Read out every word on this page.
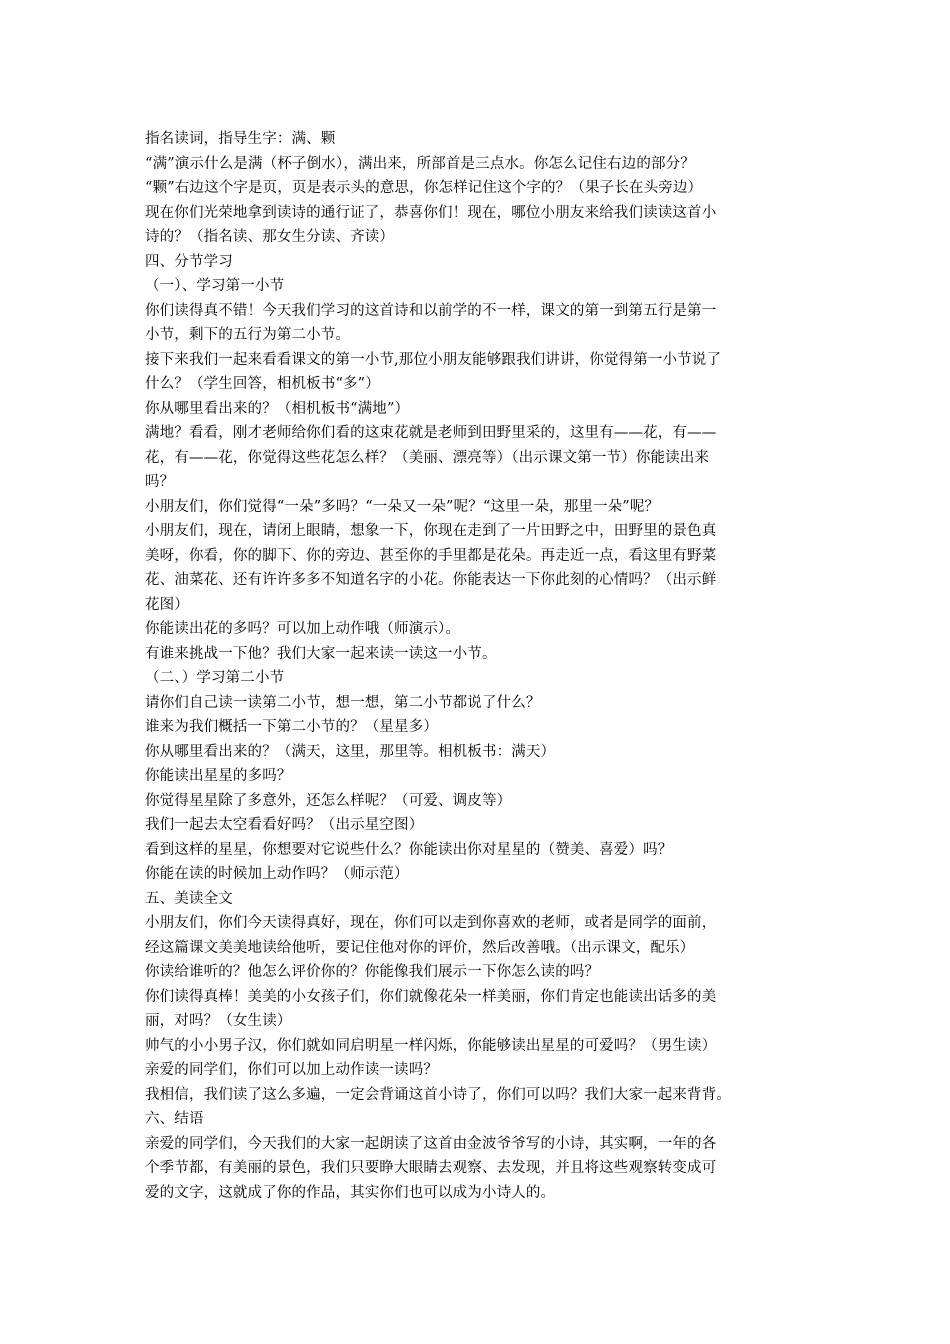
指名读词，指导生字：满、颗
“满”演示什么是满（杯子倒水），满出来，所部首是三点水。你怎么记住右边的部分？
“颗”右边这个字是页，页是表示头的意思，你怎样记住这个字的？（果子长在头旁边）
现在你们光荣地拿到读诗的通行证了，恭喜你们！现在，哪位小朋友来给我们读读这首小
诗的？（指名读、那女生分读、齐读）
四、分节学习
（一）、学习第一小节
你们读得真不错！今天我们学习的这首诗和以前学的不一样，课文的第一到第五行是第一
小节，剩下的五行为第二小节。
接下来我们一起来看看课文的第一小节,那位小朋友能够跟我们讲讲，你觉得第一小节说了
什么？（学生回答，相机板书“多”）
你从哪里看出来的？（相机板书“满地”）
满地？看看，刚才老师给你们看的这束花就是老师到田野里采的，这里有——花，有——
花，有——花，你觉得这些花怎么样？（美丽、漂亮等）（出示课文第一节）你能读出来
吗？
小朋友们，你们觉得“一朵”多吗？“一朵又一朵”呢？“这里一朵，那里一朵”呢？
小朋友们，现在，请闭上眼睛，想象一下，你现在走到了一片田野之中，田野里的景色真
美呀，你看，你的脚下、你的旁边、甚至你的手里都是花朵。再走近一点，看这里有野菜
花、油菜花、还有许许多多不知道名字的小花。你能表达一下你此刻的心情吗？（出示鲜
花图）
你能读出花的多吗？可以加上动作哦（师演示）。
有谁来挑战一下他？我们大家一起来读一读这一小节。
（二、）学习第二小节
请你们自己读一读第二小节，想一想，第二小节都说了什么？
谁来为我们概括一下第二小节的？（星星多）
你从哪里看出来的？（满天，这里，那里等。相机板书：满天）
你能读出星星的多吗？
你觉得星星除了多意外，还怎么样呢？（可爱、调皮等）
我们一起去太空看看好吗？（出示星空图）
看到这样的星星，你想要对它说些什么？你能读出你对星星的（赞美、喜爱）吗？
你能在读的时候加上动作吗？（师示范）
五、美读全文
小朋友们，你们今天读得真好，现在，你们可以走到你喜欢的老师，或者是同学的面前，
经这篇课文美美地读给他听，要记住他对你的评价，然后改善哦。（出示课文，配乐）
你读给谁听的？他怎么评价你的？你能像我们展示一下你怎么读的吗？
你们读得真棒！美美的小女孩子们，你们就像花朵一样美丽，你们肯定也能读出话多的美
丽，对吗？（女生读）
帅气的小小男子汉，你们就如同启明星一样闪烁，你能够读出星星的可爱吗？（男生读）
亲爱的同学们，你们可以加上动作读一读吗？
我相信，我们读了这么多遍，一定会背诵这首小诗了，你们可以吗？我们大家一起来背背。
六、结语
亲爱的同学们，今天我们的大家一起朗读了这首由金波爷爷写的小诗，其实啊，一年的各
个季节都，有美丽的景色，我们只要睁大眼睛去观察、去发现，并且将这些观察转变成可
爱的文字，这就成了你的作品，其实你们也可以成为小诗人的。
